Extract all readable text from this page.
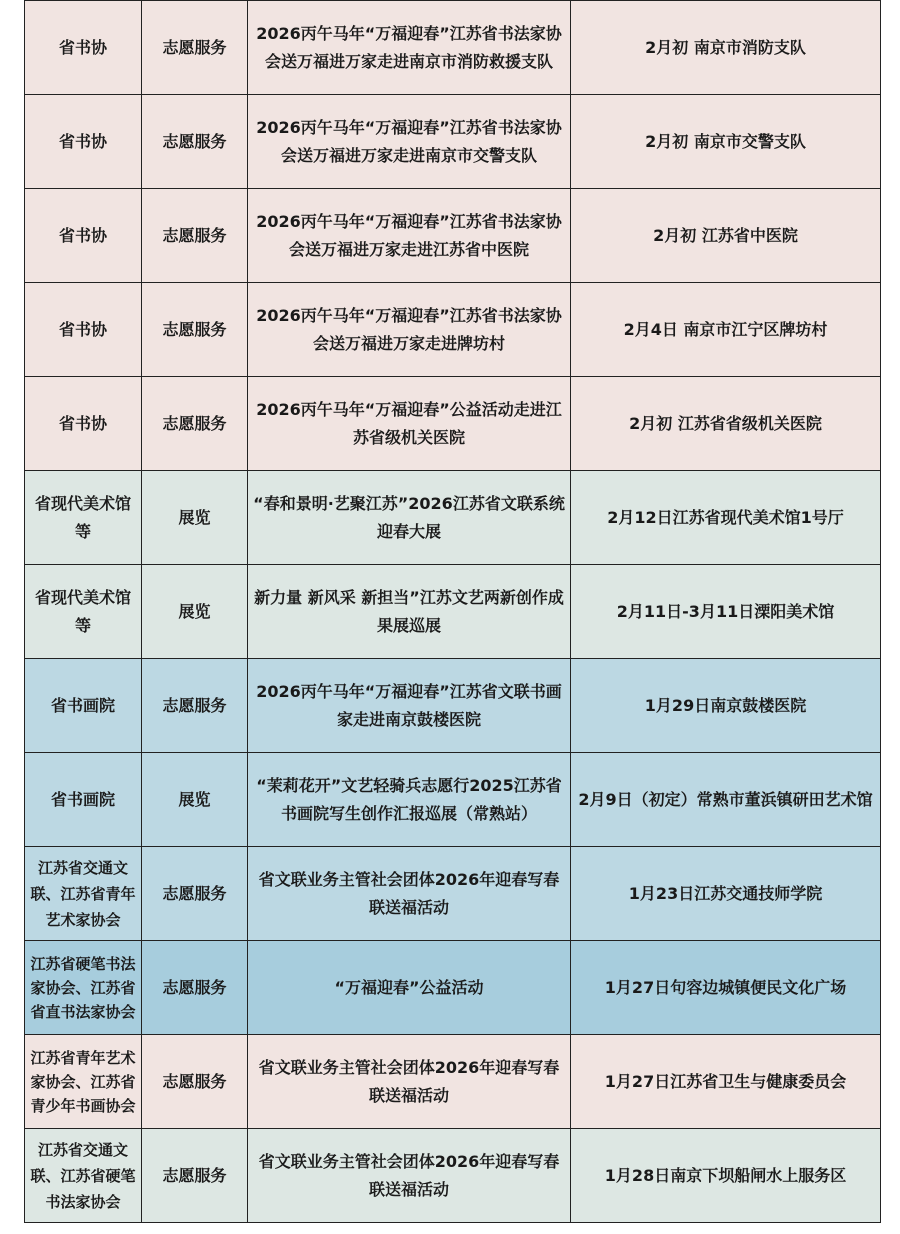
省书协	志愿服务	2026丙午马年“万福迎春”江苏省书法家协会送万福进万家走进南京市消防救援支队	2月初 南京市消防支队
省书协	志愿服务	2026丙午马年“万福迎春”江苏省书法家协会送万福进万家走进南京市交警支队	2月初 南京市交警支队
省书协	志愿服务	2026丙午马年“万福迎春”江苏省书法家协会送万福进万家走进江苏省中医院	2月初 江苏省中医院
省书协	志愿服务	2026丙午马年“万福迎春”江苏省书法家协会送万福进万家走进牌坊村	2月4日 南京市江宁区牌坊村
省书协	志愿服务	2026丙午马年“万福迎春”公益活动走进江苏省级机关医院	2月初 江苏省省级机关医院
省现代美术馆等	展览	“春和景明·艺聚江苏”2026江苏省文联系统迎春大展	2月12日江苏省现代美术馆1号厅
省现代美术馆等	展览	新力量 新风采 新担当”江苏文艺两新创作成果展巡展	2月11日-3月11日溧阳美术馆
省书画院	志愿服务	2026丙午马年“万福迎春”江苏省文联书画家走进南京鼓楼医院	1月29日南京鼓楼医院
省书画院	展览	“茉莉花开”文艺轻骑兵志愿行2025江苏省书画院写生创作汇报巡展（常熟站）	2月9日（初定）常熟市董浜镇研田艺术馆
江苏省交通文联、江苏省青年艺术家协会	志愿服务	省文联业务主管社会团体2026年迎春写春联送福活动	1月23日江苏交通技师学院
江苏省硬笔书法家协会、江苏省省直书法家协会	志愿服务	“万福迎春”公益活动	1月27日句容边城镇便民文化广场
江苏省青年艺术家协会、江苏省青少年书画协会	志愿服务	省文联业务主管社会团体2026年迎春写春联送福活动	1月27日江苏省卫生与健康委员会
江苏省交通文联、江苏省硬笔书法家协会	志愿服务	省文联业务主管社会团体2026年迎春写春联送福活动	1月28日南京下坝船闸水上服务区
